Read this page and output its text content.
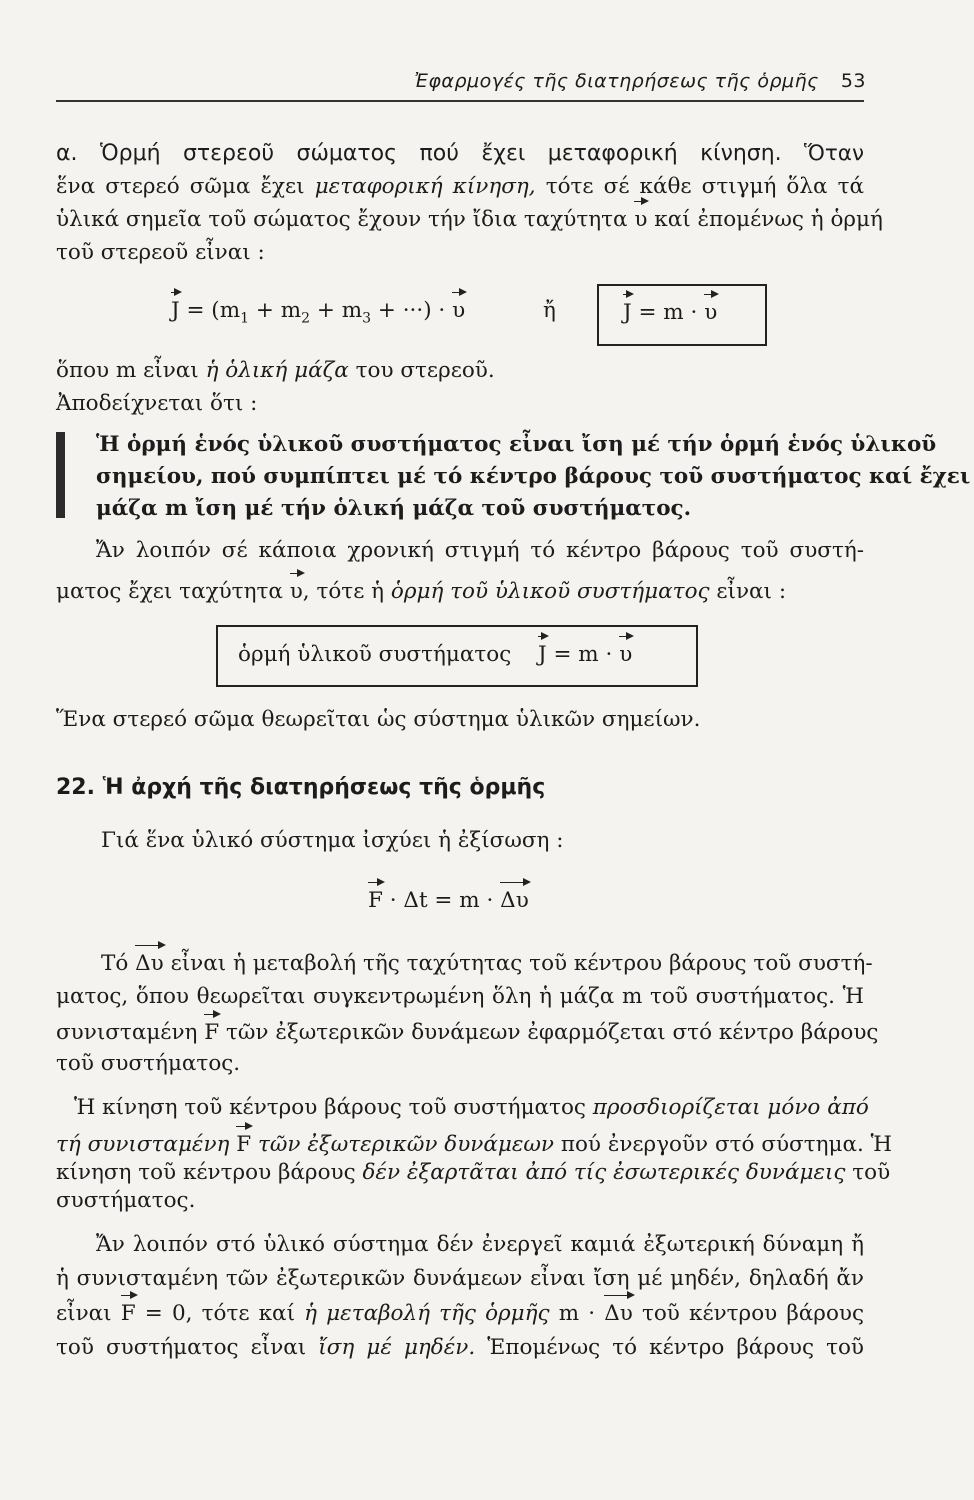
Ἐφαρμογές τῆς διατηρήσεως τῆς ὁρμῆς 53
α. Ὁρμή στερεοῦ σώματος πού ἔχει μεταφορική κίνηση. Ὅταν
ἕνα στερεό σῶμα ἔχει μεταφορική κίνηση, τότε σέ κάθε στιγμή ὅλα τά
ὑλικά σημεῖα τοῦ σώματος ἔχουν τήν ἴδια ταχύτητα υ καί ἐπομένως ἡ ὁρμή
τοῦ στερεοῦ εἶναι :
$J = (m_1 + m_2 + m_3$ + ···) · υ	ἤ	J = m · υ
ὅπου m εἶναι ἡ ὁλική μάζα του στερεοῦ.
Ἀποδείχνεται ὅτι :
Ἡ ὁρμή ἑνός ὑλικοῦ συστήματος εἶναι ἴση μέ τήν ὁρμή ἑνός ὑλικοῦ
σημείου, πού συμπίπτει μέ τό κέντρο βάρους τοῦ συστήματος καί ἔχει
μάζα m ἴση μέ τήν ὁλική μάζα τοῦ συστήματος.
Ἄν λοιπόν σέ κάποια χρονική στιγμή τό κέντρο βάρους τοῦ συστή-
ματος ἔχει ταχύτητα υ, τότε ἡ ὁρμή τοῦ ὑλικοῦ συστήματος εἶναι :
ὁρμή ὑλικοῦ συστήματος J = m · υ
Ἕνα στερεό σῶμα θεωρεῖται ὡς σύστημα ὑλικῶν σημείων.
22. Ἡ ἀρχή τῆς διατηρήσεως τῆς ὁρμῆς
Γιά ἕνα ὑλικό σύστημα ἰσχύει ἡ ἐξίσωση :
F · Δt = m · Δυ
Τό Δυ εἶναι ἡ μεταβολή τῆς ταχύτητας τοῦ κέντρου βάρους τοῦ συστή-
ματος, ὅπου θεωρεῖται συγκεντρωμένη ὅλη ἡ μάζα m τοῦ συστήματος. Ἡ
συνισταμένη F τῶν ἐξωτερικῶν δυνάμεων ἐφαρμόζεται στό κέντρο βάρους
τοῦ συστήματος.
Ἡ κίνηση τοῦ κέντρου βάρους τοῦ συστήματος προσδιορίζεται μόνο ἀπό
τή συνισταμένη F τῶν ἐξωτερικῶν δυνάμεων πού ἐνεργοῦν στό σύστημα. Ἡ
κίνηση τοῦ κέντρου βάρους δέν ἐξαρτᾶται ἀπό τίς ἐσωτερικές δυνάμεις τοῦ
συστήματος.
Ἄν λοιπόν στό ὑλικό σύστημα δέν ἐνεργεῖ καμιά ἐξωτερική δύναμη ἤ
ἡ συνισταμένη τῶν ἐξωτερικῶν δυνάμεων εἶναι ἴση μέ μηδέν, δηλαδή ἄν
εἶναι F = 0, τότε καί ἡ μεταβολή τῆς ὁρμῆς m · Δυ τοῦ κέντρου βάρους
τοῦ συστήματος εἶναι ἴση μέ μηδέν. Ἑπομένως τό κέντρο βάρους τοῦ
